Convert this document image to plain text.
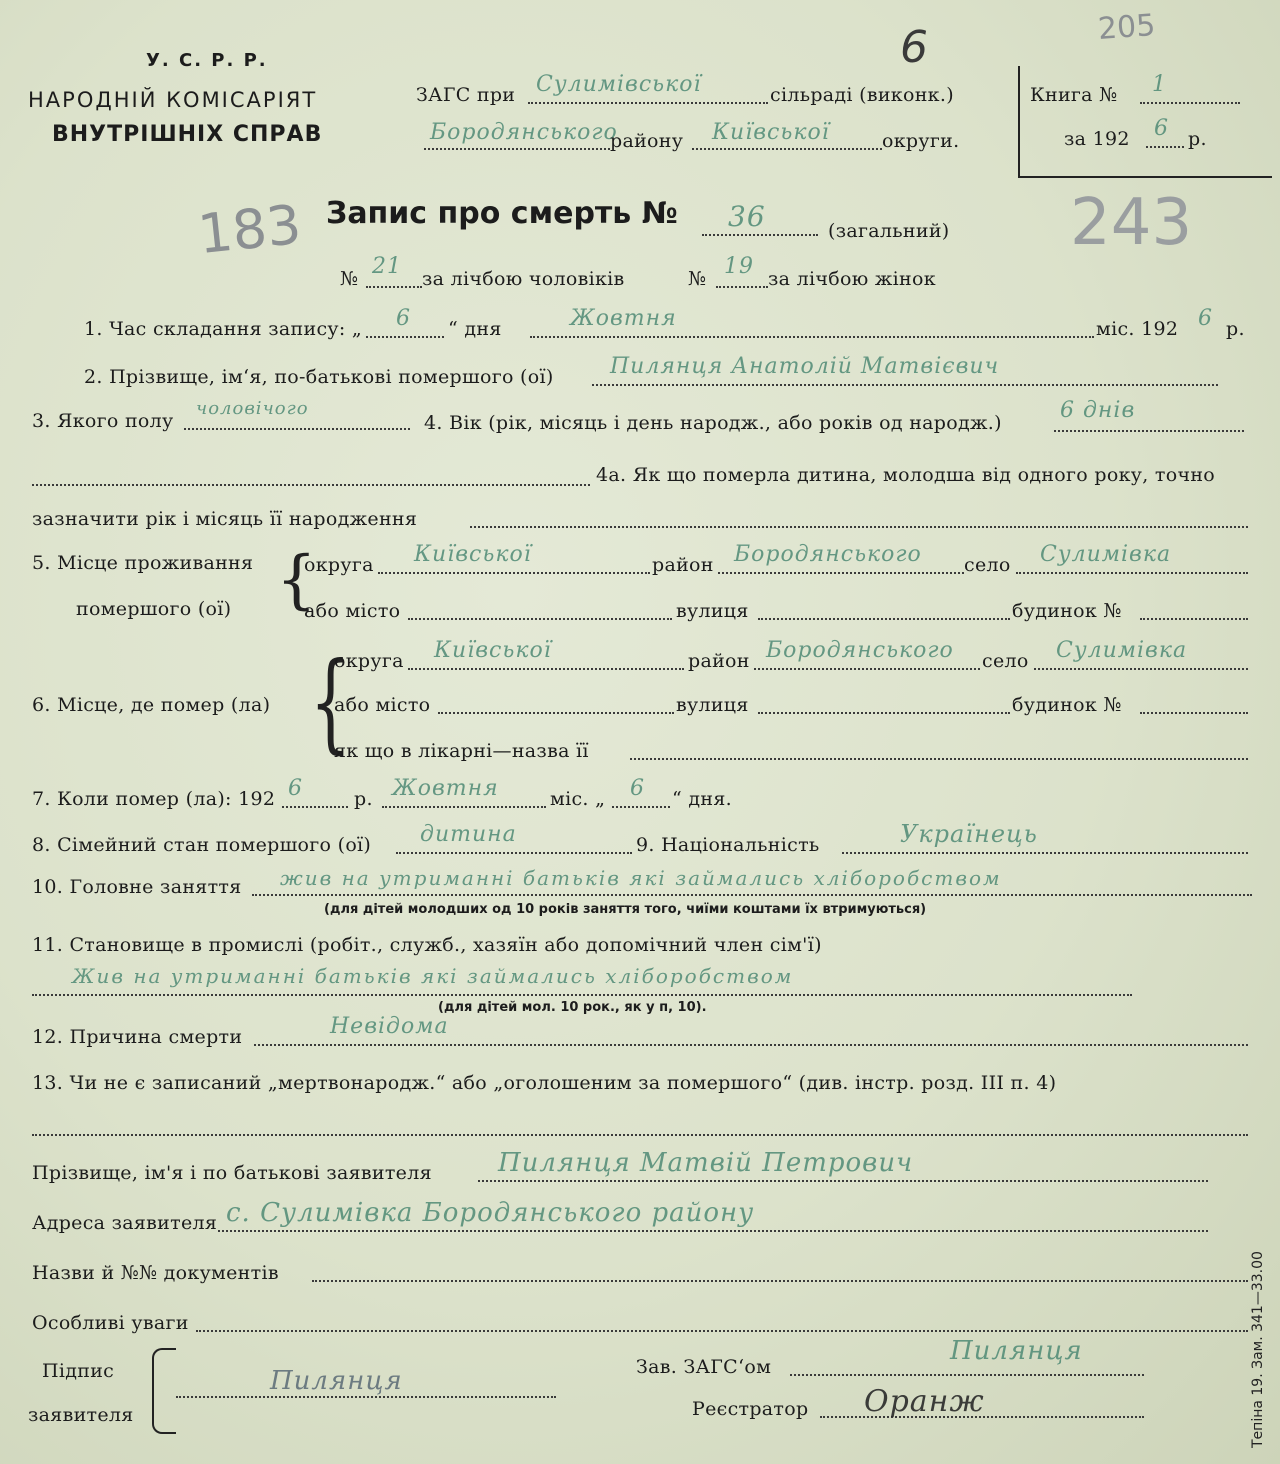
У. С. Р. Р.
НАРОДНІЙ КОМІСАРІЯТ
ВНУТРІШНІХ СПРАВ
ЗАГС при Сулимівської	сільраді (виконк.)
Бородянського
району Київської	округи.
Книга № 1
за 192 6 р.
205
6
183	243
Запис про смерть № 36	(загальний)
№ 21 за лічбою чоловіків	№ 19 за лічбою жінок
1. Час складання запису: „ 6 “ дня	Жовтня	міс. 192 6 р.
2. Прізвище, ім‘я, по-батькові помершого (ої)	Пилянця Анатолій Матвієвич
3. Якого полу
чоловічого
4. Вік (рік, місяць і день народж., або років од народж.)	6 днів
4а. Як що померла дитина, молодша від одного року, точно
зазначити рік і місяць її народження
5. Місце проживання
помершого (ої) {
округа Київської	район Бородянського село Сулимівка
або місто	вулиця	будинок №
6. Місце, де помер (ла) {
округа Київської	район Бородянського село Сулимівка
або місто	вулиця	будинок №
як що в лікарні—назва її
7. Коли помер (ла): 192 6	р. Жовтня	міс. „ 6 “ дня.
8. Сімейний стан помершого (ої) дитина	9. Національність	Українець
10. Головне заняття жив на утриманні батьків які займались хліборобством
(для дітей молодших од 10 років заняття того, чиїми коштами їх втримуються)
11. Становище в промислі (робіт., служб., хазяїн або допомічний член сім'ї)
Жив на утриманні батьків які займались хліборобством
(для дітей мол. 10 рок., як у п, 10).
12. Причина смерти	Невідома
13. Чи не є записаний „мертвонародж.“ або „оголошеним за помершого“ (див. інстр. розд. III п. 4)
Прізвище, ім'я і по батькові заявителя	Пилянця Матвій Петрович
Адреса заявителя с. Сулимівка Бородянського району
Назви й №№ документів
Особливі уваги
Підпис
заявителя
Пилянця	Зав. ЗАГС‘ом
Пилянця
Реєстратор Оранж	Тепіна 19. Зам. 341—33.00
